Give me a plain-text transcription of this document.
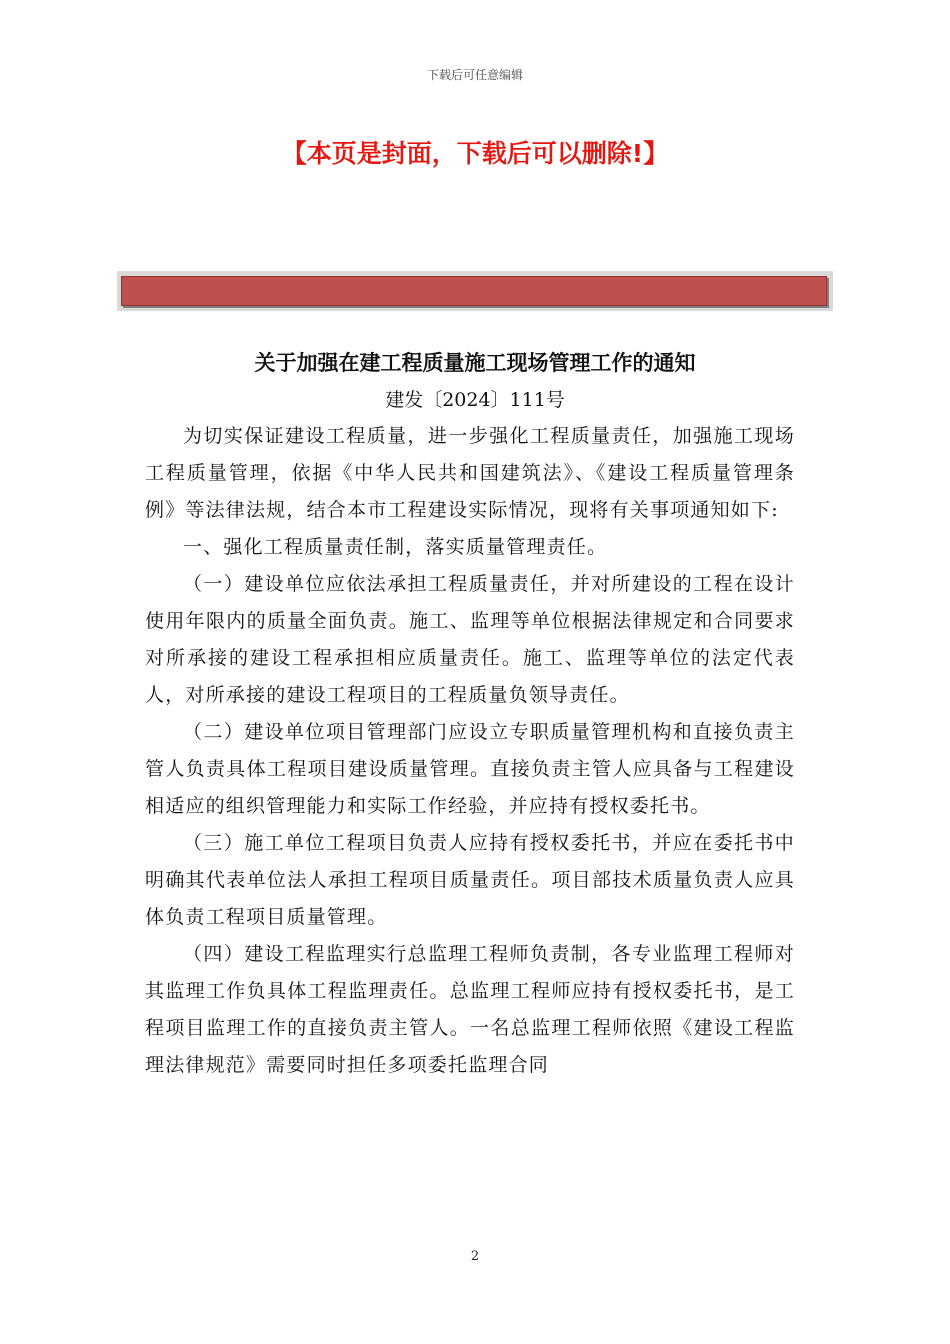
下载后可任意编辑
【本页是封面，下载后可以删除!】
关于加强在建工程质量施工现场管理工作的通知
建发〔2024〕111号

为切实保证建设工程质量，进一步强化工程质量责任，加强施工现场工程质量管理，依据《中华人民共和国建筑法》、《建设工程质量管理条例》等法律法规，结合本市工程建设实际情况，现将有关事项通知如下:

一、强化工程质量责任制，落实质量管理责任。

（一）建设单位应依法承担工程质量责任，并对所建设的工程在设计使用年限内的质量全面负责。施工、监理等单位根据法律规定和合同要求对所承接的建设工程承担相应质量责任。施工、监理等单位的法定代表人，对所承接的建设工程项目的工程质量负领导责任。

（二）建设单位项目管理部门应设立专职质量管理机构和直接负责主管人负责具体工程项目建设质量管理。直接负责主管人应具备与工程建设相适应的组织管理能力和实际工作经验，并应持有授权委托书。

（三）施工单位工程项目负责人应持有授权委托书，并应在委托书中明确其代表单位法人承担工程项目质量责任。项目部技术质量负责人应具体负责工程项目质量管理。

（四）建设工程监理实行总监理工程师负责制，各专业监理工程师对其监理工作负具体工程监理责任。总监理工程师应持有授权委托书，是工程项目监理工作的直接负责主管人。一名总监理工程师依照《建设工程监理法律规范》需要同时担任多项委托监理合同

2
